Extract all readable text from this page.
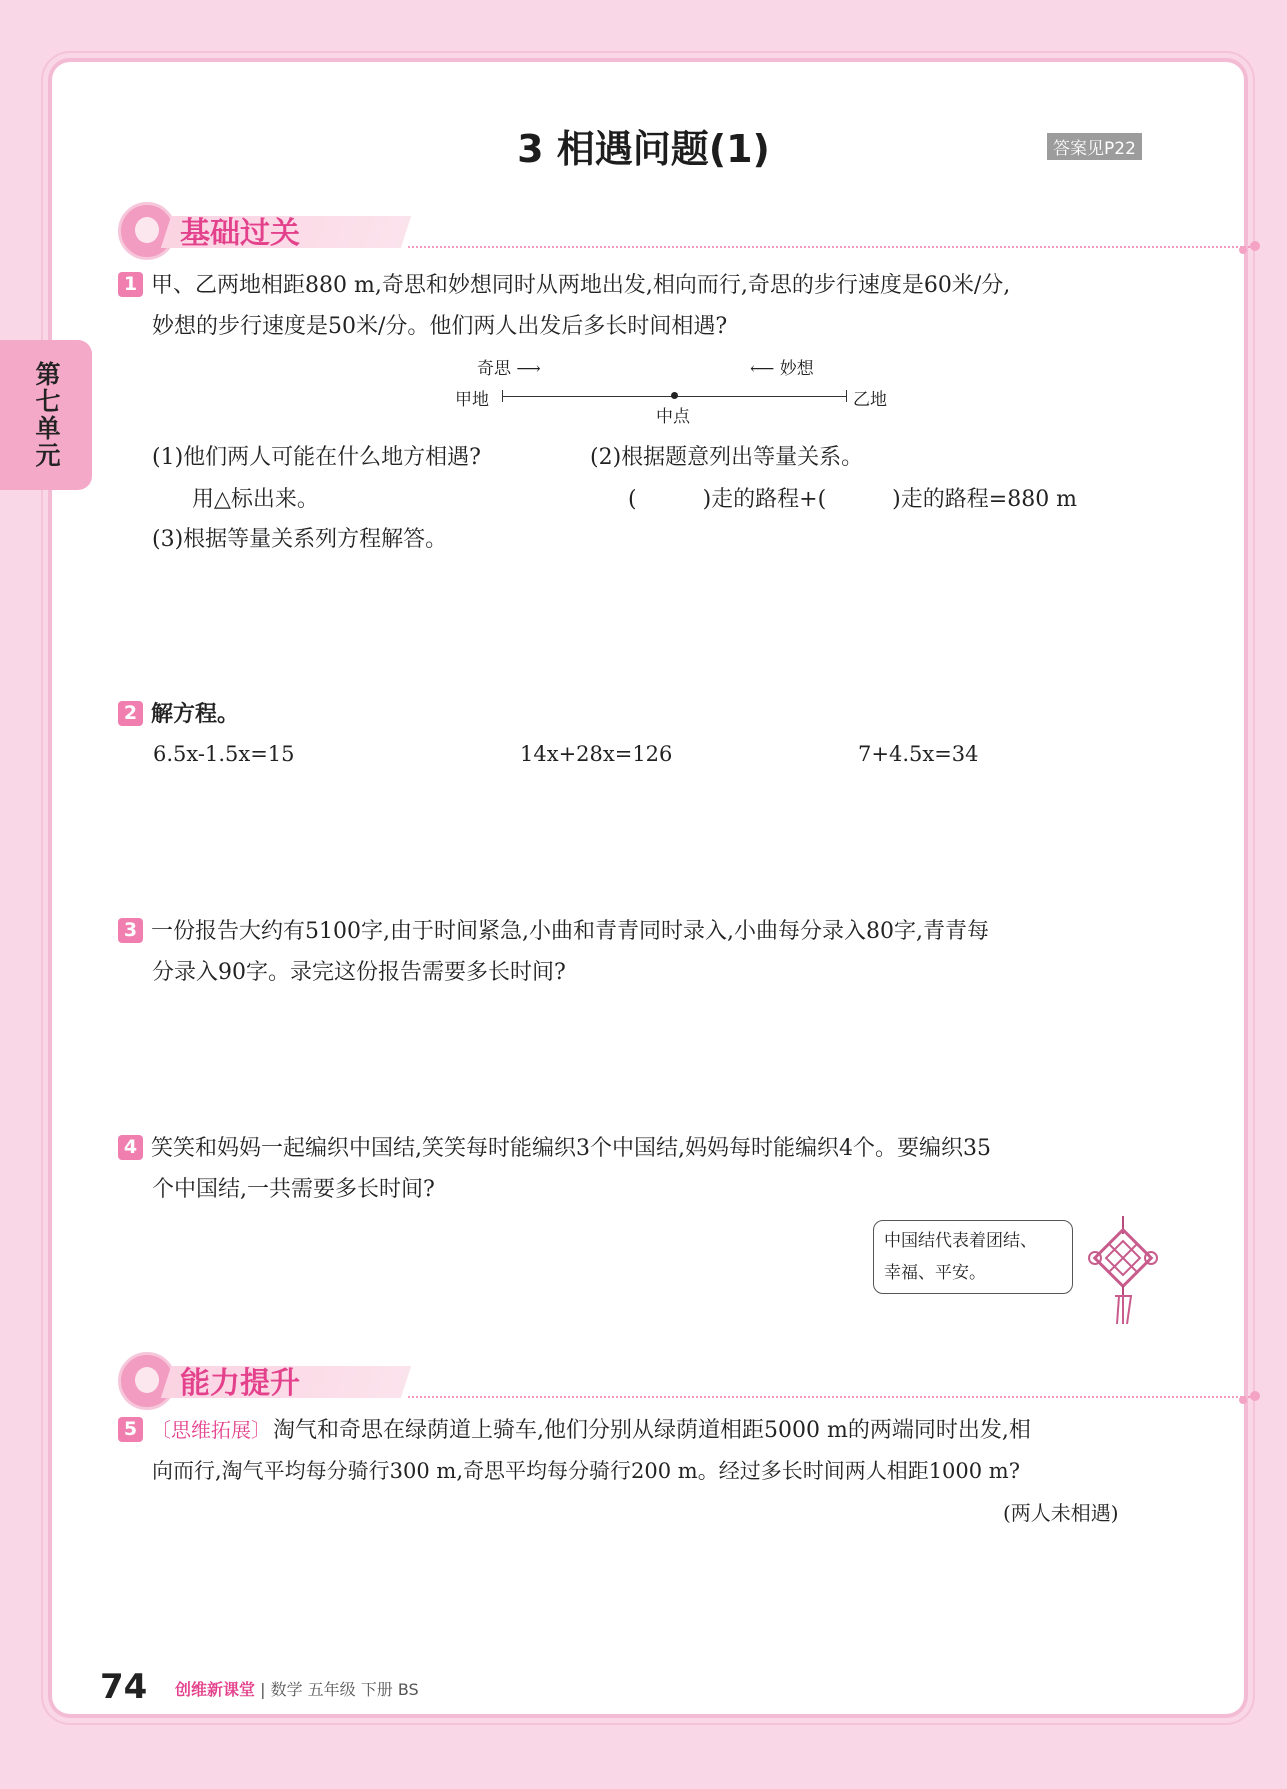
第七单元
3 相遇问题(1)	答案见P22
基础过关
1 甲、乙两地相距880 m,奇思和妙想同时从两地出发,相向而行,奇思的步行速度是60米/分,
妙想的步行速度是50米/分。他们两人出发后多长时间相遇?
奇思 ⟶	⟵ 妙想
甲地	乙地
中点
(1)他们两人可能在什么地方相遇?
用△标出来。
(2)根据题意列出等量关系。
(　　　)走的路程+(　　　)走的路程=880 m
(3)根据等量关系列方程解答。
2 解方程。
6.5x-1.5x=15	14x+28x=126	7+4.5x=34
3 一份报告大约有5100字,由于时间紧急,小曲和青青同时录入,小曲每分录入80字,青青每
分录入90字。录完这份报告需要多长时间?
4 笑笑和妈妈一起编织中国结,笑笑每时能编织3个中国结,妈妈每时能编织4个。要编织35
个中国结,一共需要多长时间?
中国结代表着团结、
幸福、平安。
能力提升
5 〔思维拓展〕淘气和奇思在绿荫道上骑车,他们分别从绿荫道相距5000 m的两端同时出发,相
向而行,淘气平均每分骑行300 m,奇思平均每分骑行200 m。经过多长时间两人相距1000 m?
(两人未相遇)
74 创维新课堂 | 数学 五年级 下册 BS
